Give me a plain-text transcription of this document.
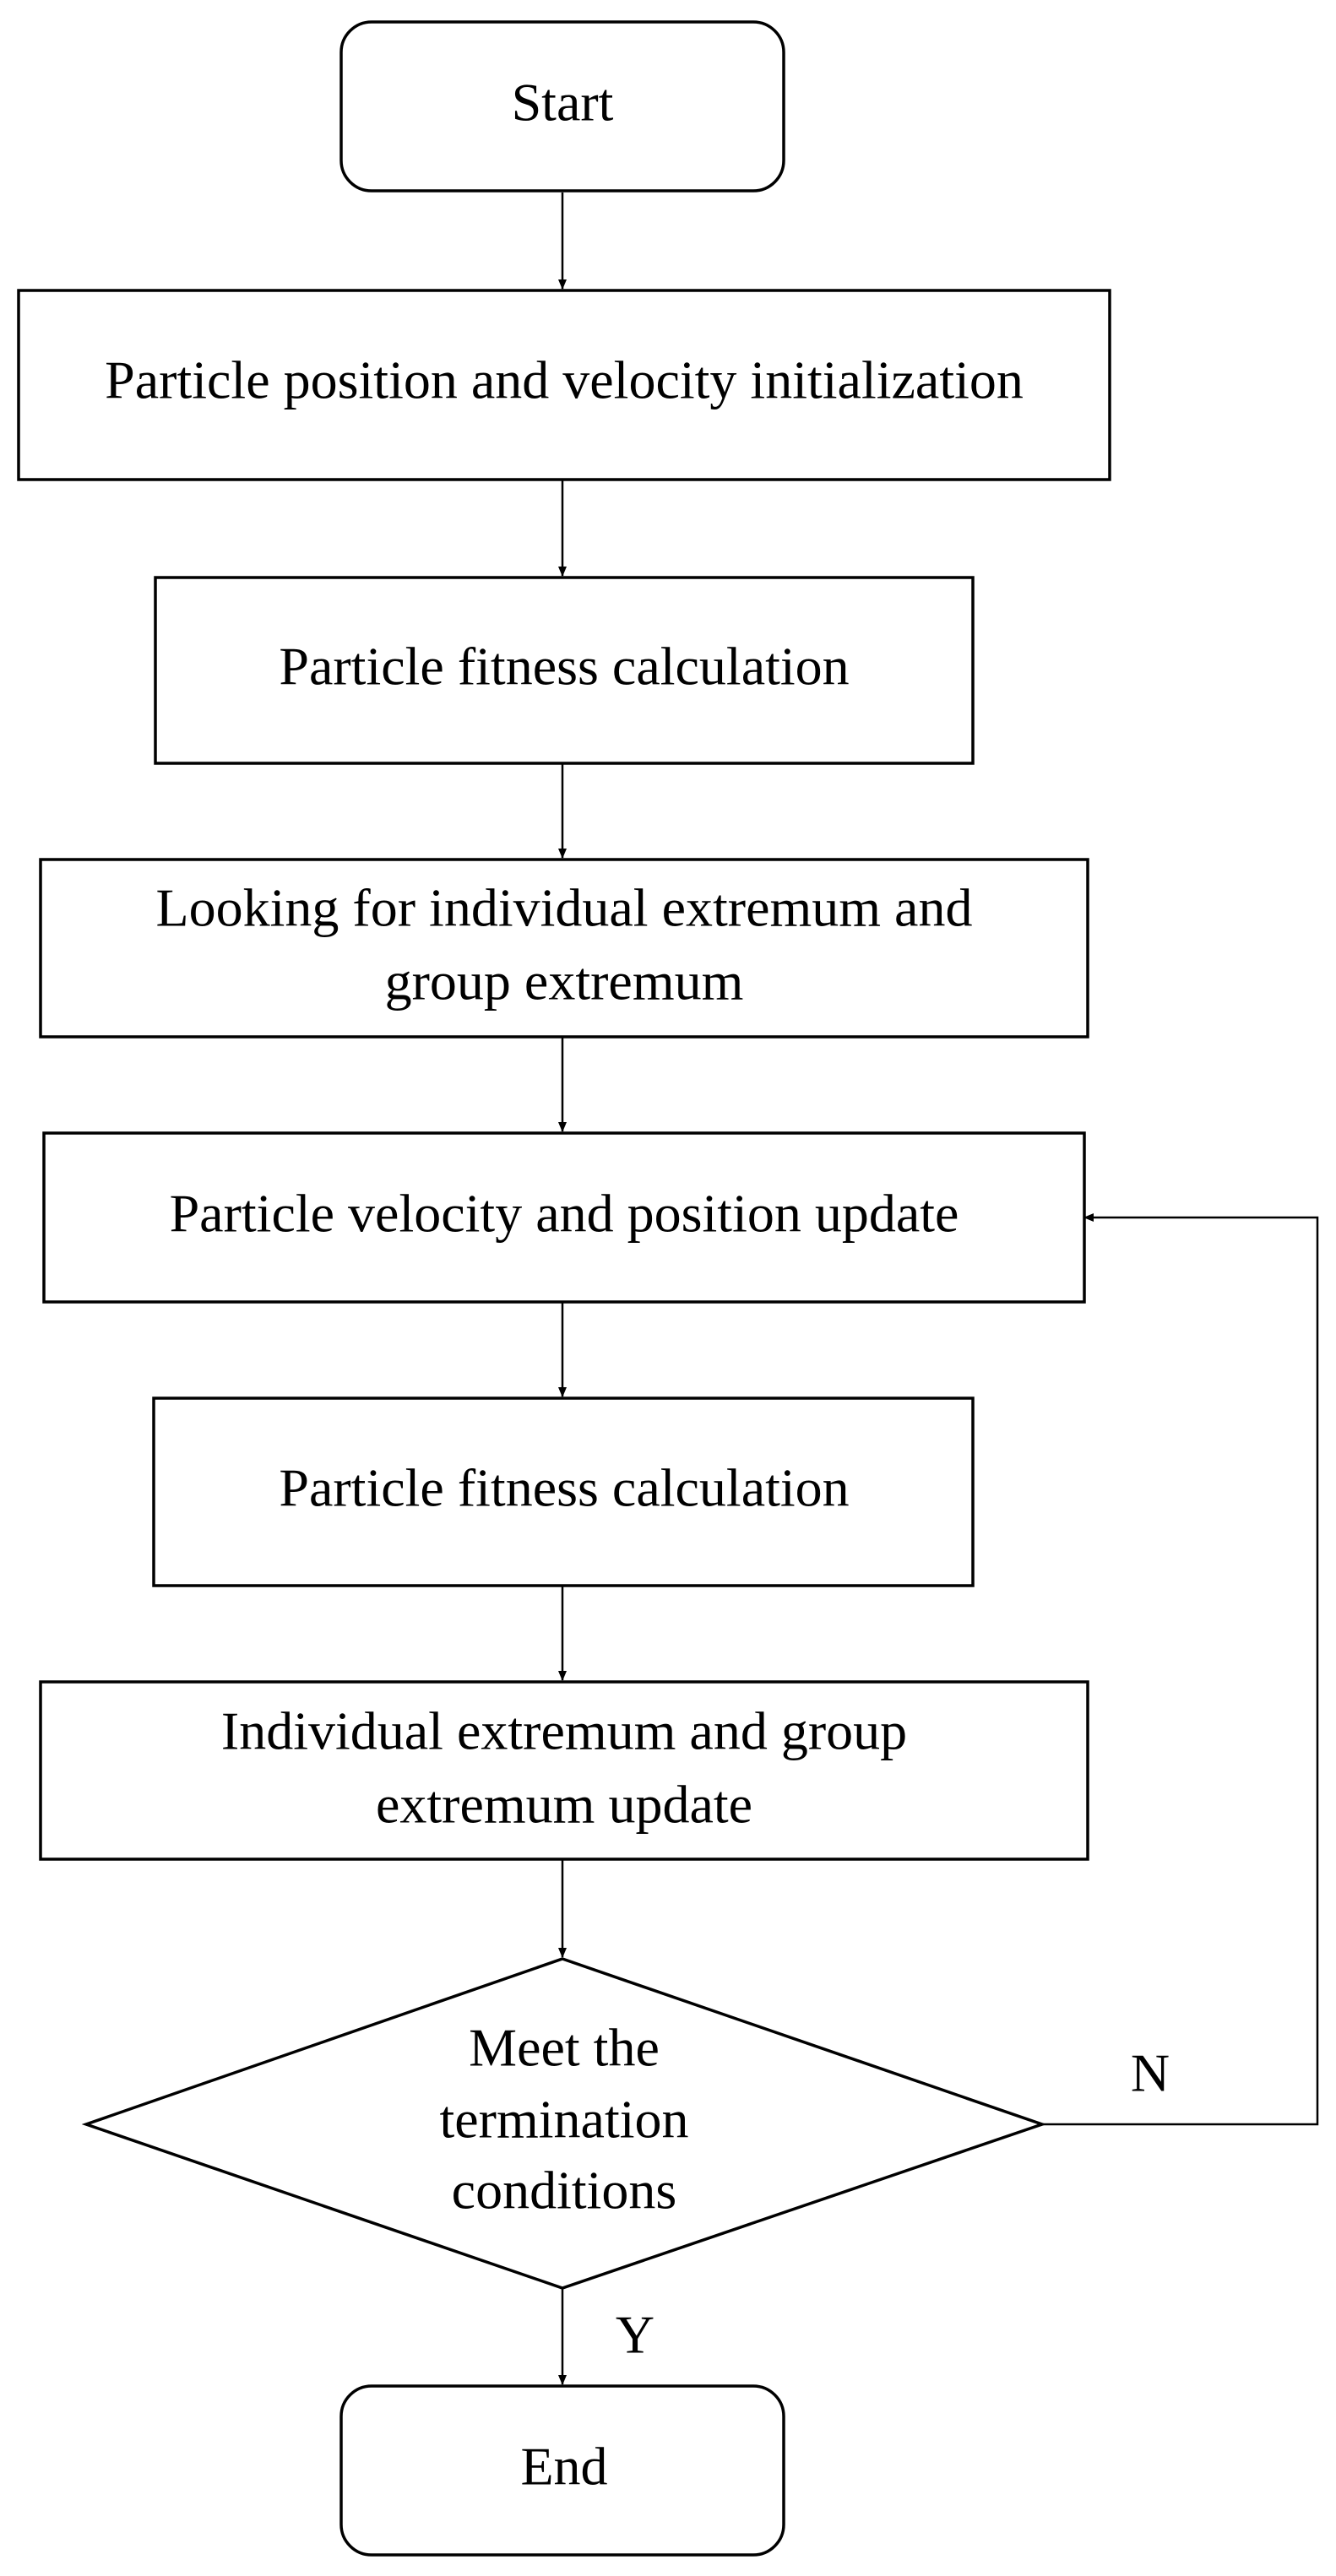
Start
Particle position and velocity initialization
Particle fitness calculation
Looking for individual extremum and
group extremum
Particle velocity and position update
Particle fitness calculation
Individual extremum and group
extremum update
Meet the
termination
conditions
End
N
Y
